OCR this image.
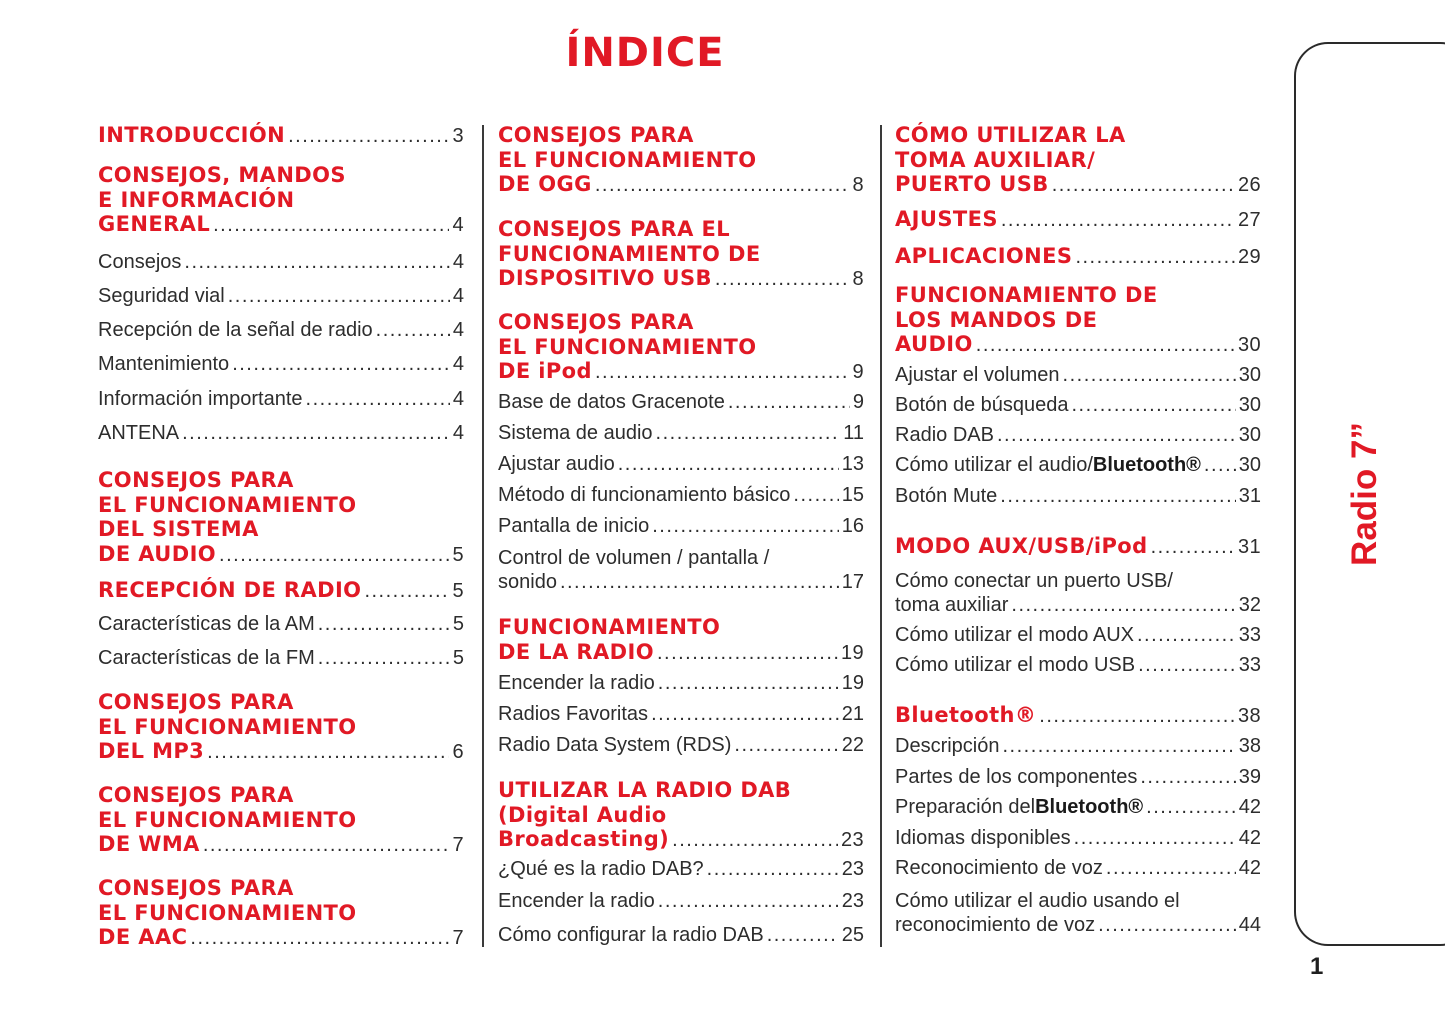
ÍNDICE
INTRODUCCIÓN .....	3
CONSEJOS, MANDOS
E INFORMACIÓN
GENERAL .....	4
Consejos .....	4
Seguridad vial .....	4
Recepción de la señal de radio .....	4
Mantenimiento .....	4
Información importante .....	4
ANTENA .....	4
CONSEJOS PARA
EL FUNCIONAMIENTO
DEL SISTEMA
DE AUDIO .....	5
RECEPCIÓN DE RADIO .....	5
Características de la AM .....	5
Características de la FM .....	5
CONSEJOS PARA
EL FUNCIONAMIENTO
DEL MP3 .....	6
CONSEJOS PARA
EL FUNCIONAMIENTO
DE WMA .....	7
CONSEJOS PARA
EL FUNCIONAMIENTO
DE AAC .....	7
CONSEJOS PARA
EL FUNCIONAMIENTO
DE OGG .....	8
CONSEJOS PARA EL
FUNCIONAMIENTO DE
DISPOSITIVO USB .....	8
CONSEJOS PARA
EL FUNCIONAMIENTO
DE iPod .....	9
Base de datos Gracenote .....	9
Sistema de audio .....	11
Ajustar audio .....	13
Método di funcionamiento básico .....	15
Pantalla de inicio .....	16
Control de volumen / pantalla /
sonido .....	17
FUNCIONAMIENTO
DE LA RADIO .....	19
Encender la radio .....	19
Radios Favoritas .....	21
Radio Data System (RDS) .....	22
UTILIZAR LA RADIO DAB
(Digital Audio
Broadcasting) .....	23
¿Qué es la radio DAB? .....	23
Encender la radio .....	23
Cómo configurar la radio DAB .....	25
CÓMO UTILIZAR LA
TOMA AUXILIAR/
PUERTO USB .....	26
AJUSTES .....	27
APLICACIONES .....	29
FUNCIONAMIENTO DE
LOS MANDOS DE
AUDIO .....	30
Ajustar el volumen .....	30
Botón de búsqueda .....	30
Radio DAB .....	30
Cómo utilizar el audio/ Bluetooth® ..... 30
Botón Mute .....	31
MODO AUX/USB/iPod .....	31
Cómo conectar un puerto USB/
toma auxiliar .....	32
Cómo utilizar el modo AUX .....	33
Cómo utilizar el modo USB .....	33
Bluetooth® .....	38
Descripción .....	38
Partes de los componentes .....	39
Preparación del Bluetooth® .....	42
Idiomas disponibles .....	42
Reconocimiento de voz .....	42
Cómo utilizar el audio usando el
reconocimiento de voz .....	44
Radio 7”
1
